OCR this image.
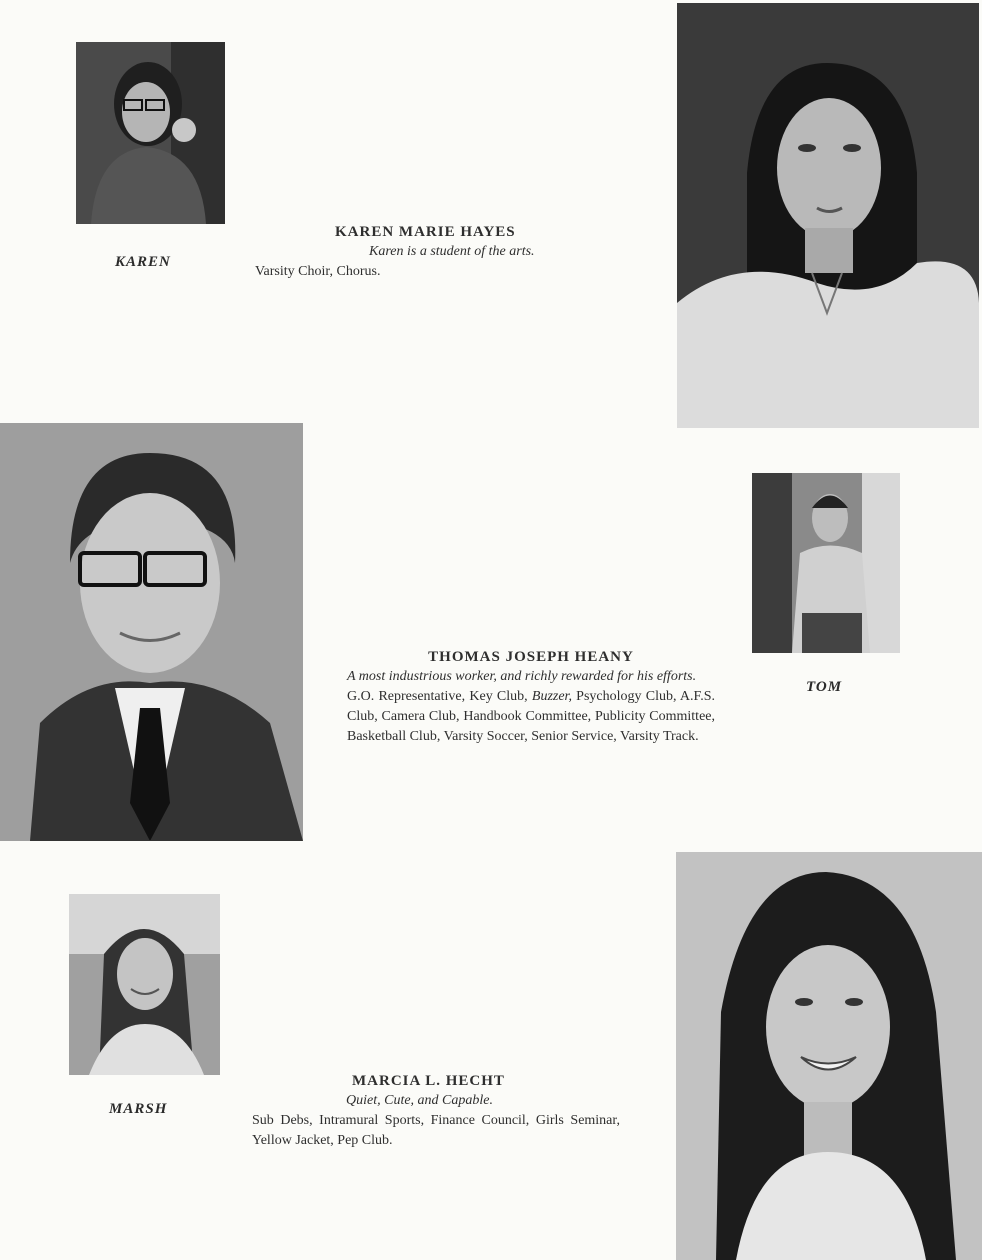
KAREN
KAREN MARIE HAYES
Karen is a student of the arts.
Varsity Choir, Chorus.
TOM
THOMAS JOSEPH HEANY
A most industrious worker, and richly rewarded for his efforts.
G.O. Representative, Key Club, Buzzer, Psychology Club, A.F.S. Club, Camera Club, Handbook Committee, Publicity Committee, Basketball Club, Varsity Soccer, Senior Service, Varsity Track.
MARSH
MARCIA L. HECHT
Quiet, Cute, and Capable.
Sub Debs, Intramural Sports, Finance Council, Girls Seminar, Yellow Jacket, Pep Club.
